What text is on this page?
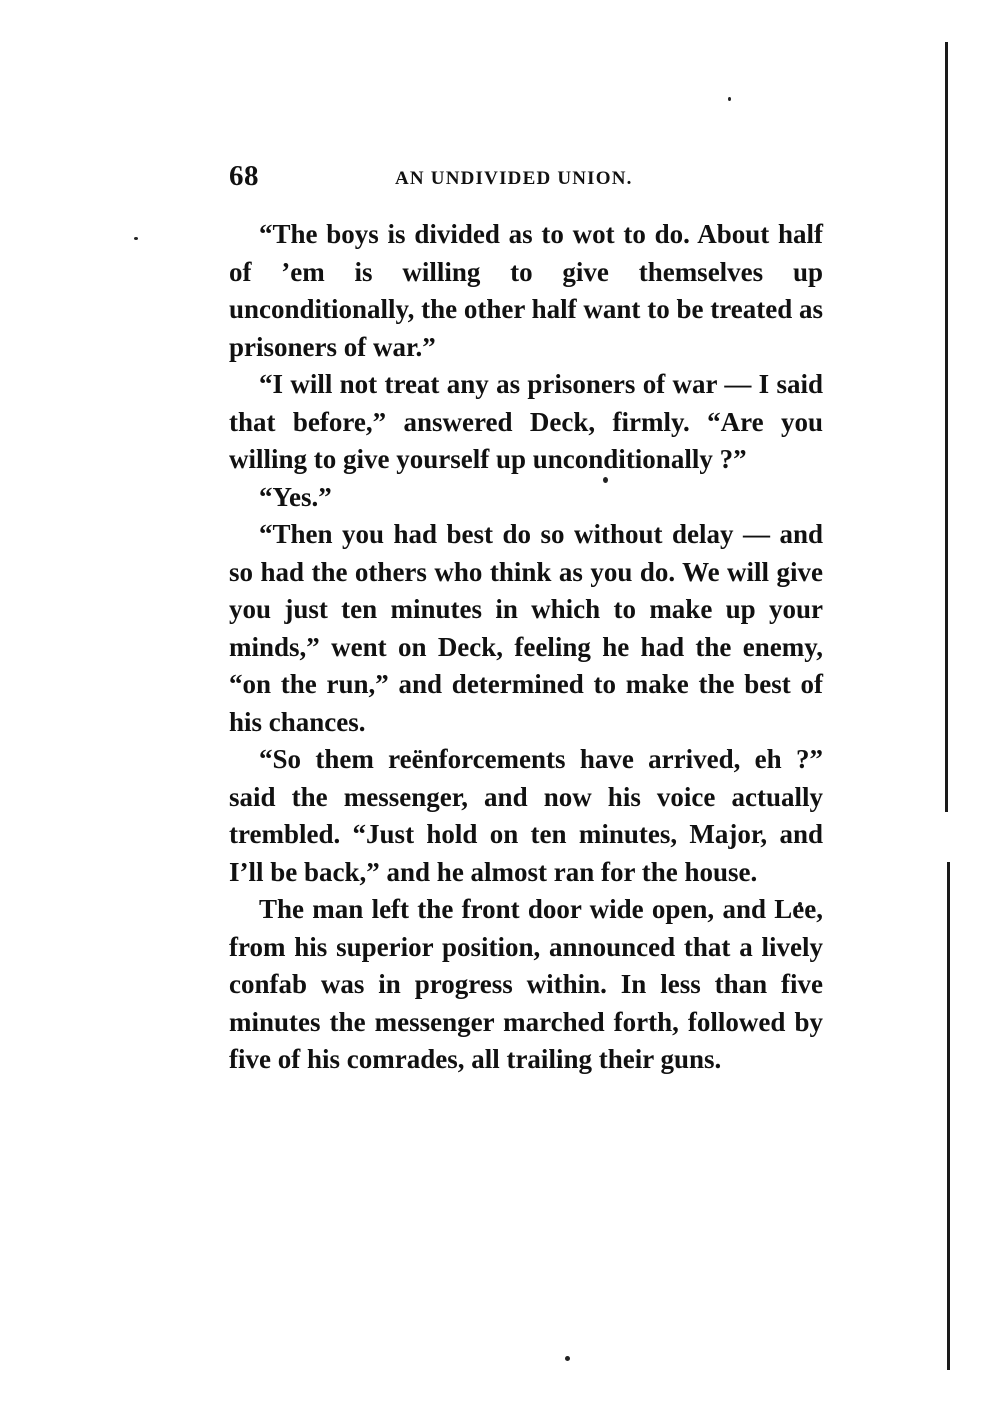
68	AN UNDIVIDED UNION.

“The boys is divided as to wot to do. About half of ’em is willing to give themselves up unconditionally, the other half want to be treated as prisoners of war.”

“I will not treat any as prisoners of war — I said that before,” answered Deck, firmly. “Are you willing to give yourself up unconditionally ?”

“Yes.”

“Then you had best do so without delay — and so had the others who think as you do. We will give you just ten minutes in which to make up your minds,” went on Deck, feeling he had the enemy, “on the run,” and determined to make the best of his chances.

“So them reënforcements have arrived, eh ?” said the messenger, and now his voice actually trembled. “Just hold on ten minutes, Major, and I’ll be back,” and he almost ran for the house.

The man left the front door wide open, and Lee, from his superior position, announced that a lively confab was in progress within. In less than five minutes the messenger marched forth, followed by five of his comrades, all trailing their guns.
